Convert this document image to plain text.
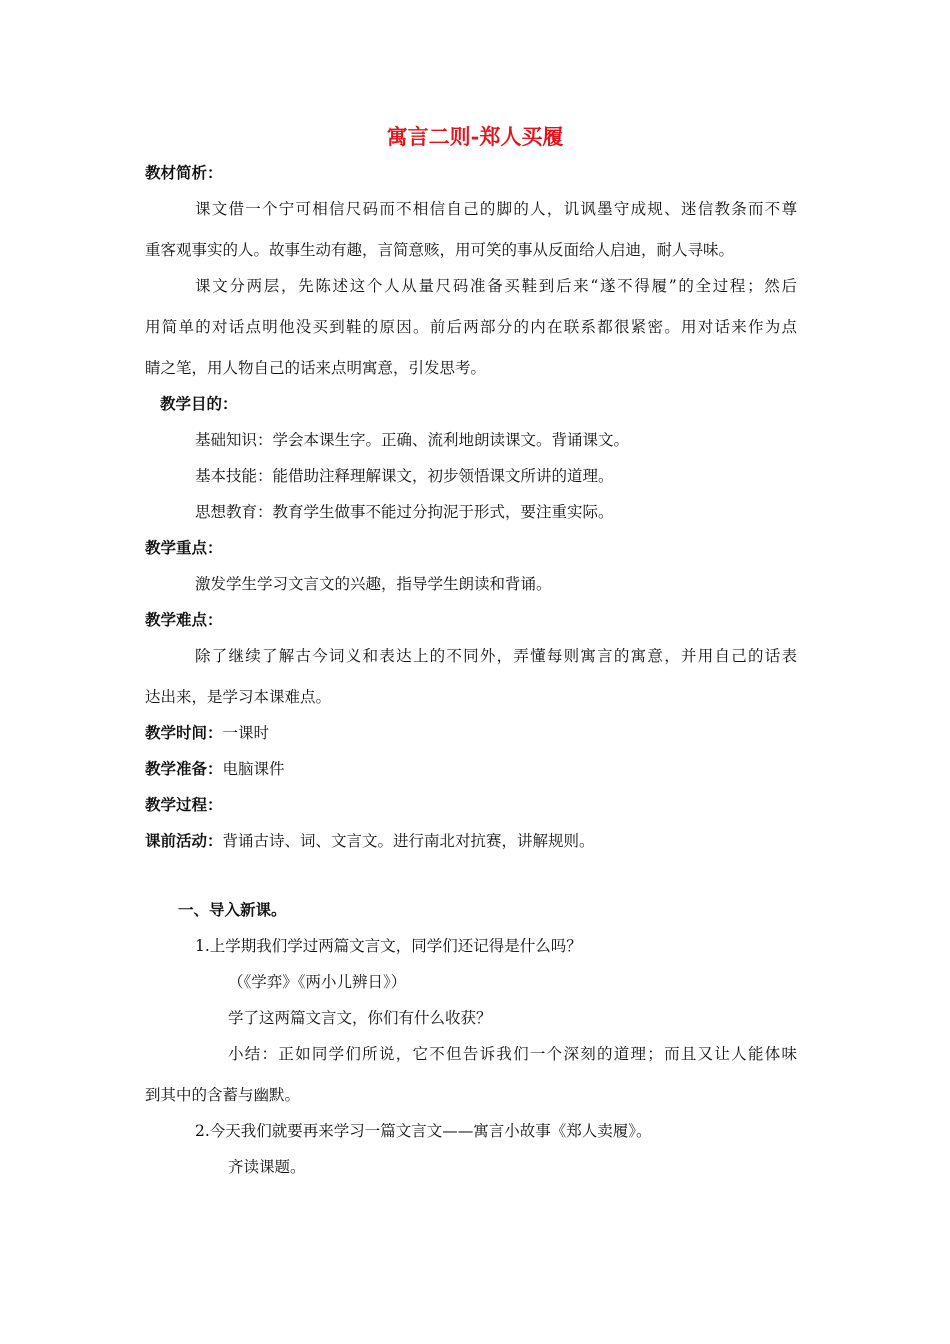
寓言二则-郑人买履
教材简析：
课文借一个宁可相信尺码而不相信自己的脚的人，讥讽墨守成规、迷信教条而不尊
重客观事实的人。故事生动有趣，言简意赅，用可笑的事从反面给人启迪，耐人寻味。
课文分两层，先陈述这个人从量尺码准备买鞋到后来“遂不得履”的全过程；然后
用简单的对话点明他没买到鞋的原因。前后两部分的内在联系都很紧密。用对话来作为点
睛之笔，用人物自己的话来点明寓意，引发思考。
教学目的：
基础知识：学会本课生字。正确、流利地朗读课文。背诵课文。
基本技能：能借助注释理解课文，初步领悟课文所讲的道理。
思想教育：教育学生做事不能过分拘泥于形式，要注重实际。
教学重点：
激发学生学习文言文的兴趣，指导学生朗读和背诵。
教学难点：
除了继续了解古今词义和表达上的不同外，弄懂每则寓言的寓意，并用自己的话表
达出来，是学习本课难点。
教学时间：一课时
教学准备：电脑课件
教学过程：
课前活动：背诵古诗、词、文言文。进行南北对抗赛，讲解规则。
一、导入新课。
1.上学期我们学过两篇文言文，同学们还记得是什么吗？
（《学弈》《两小儿辨日》）
学了这两篇文言文，你们有什么收获？
小结：正如同学们所说，它不但告诉我们一个深刻的道理；而且又让人能体味
到其中的含蓄与幽默。
2.今天我们就要再来学习一篇文言文——寓言小故事《郑人卖履》。
齐读课题。
